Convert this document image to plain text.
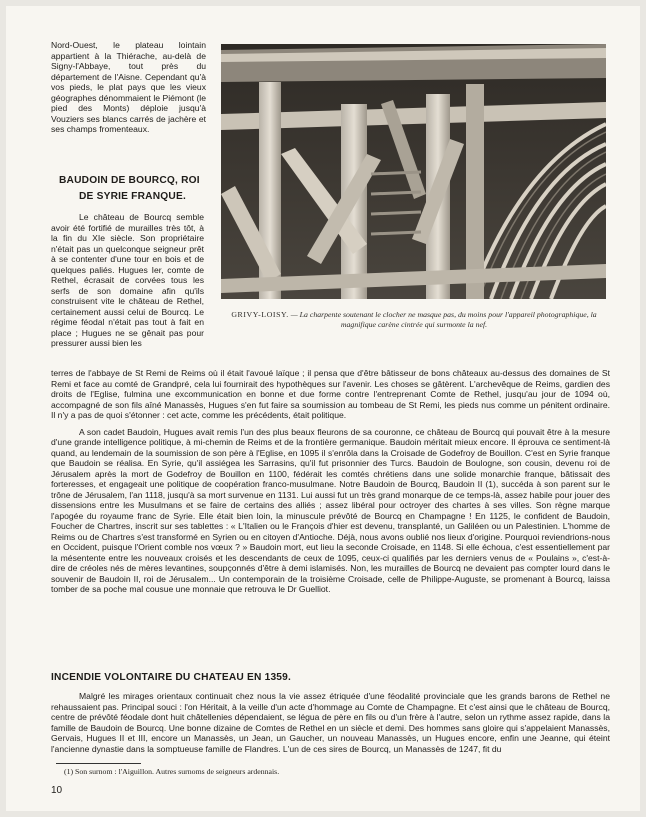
Nord-Ouest, le plateau lointain appartient à la Thiérache, au-delà de Signy-l'Abbaye, tout près du département de l'Aisne. Cependant qu'à vos pieds, le plat pays que les vieux géographes dénommaient le Piémont (le pied des Monts) déploie jusqu'à Vouziers ses blancs carrés de jachère et ses champs fromenteaux.

BAUDOIN DE BOURCQ, ROI
DE SYRIE FRANQUE.

Le château de Bourcq semble avoir été fortifié de murailles très tôt, à la fin du XIe siècle. Son propriétaire n'était pas un quelconque seigneur prêt à se contenter d'une tour en bois et de quelques paliés. Hugues Ier, comte de Rethel, écrasait de corvées tous les serfs de son domaine afin qu'ils construisent vite le château de Rethel, certainement aussi celui de Bourcq. Le régime féodal n'était pas tout à fait en place ; Hugues ne se gênait pas pour pressurer aussi bien les

GRIVY-LOISY. — La charpente soutenant le clocher ne masque pas, du moins pour l'appareil photographique, la magnifique carène cintrée qui surmonte la nef.

terres de l'abbaye de St Remi de Reims où il était l'avoué laïque ; il pensa que d'être bâtisseur de bons châteaux au-dessus des domaines de St Remi et face au comté de Grandpré, cela lui fournirait des hypothèques sur l'avenir. Les choses se gâtèrent. L'archevêque de Reims, gardien des droits de l'Eglise, fulmina une excommunication en bonne et due forme contre l'entreprenant Comte de Rethel, jusqu'au jour de 1094 où, accompagné de son fils aîné Manassès, Hugues s'en fut faire sa soumission au tombeau de St Remi, les pieds nus comme un pénitent ordinaire. Il n'y a pas de quoi s'étonner : cet acte, comme les précédents, était politique.

A son cadet Baudoin, Hugues avait remis l'un des plus beaux fleurons de sa couronne, ce château de Bourcq qui pouvait être à la mesure d'une grande intelligence politique, à mi-chemin de Reims et de la frontière germanique. Baudoin méritait mieux encore. Il éprouva ce sentiment-là quand, au lendemain de la soumission de son père à l'Eglise, en 1095 il s'enrôla dans la Croisade de Godefroy de Bouillon. C'est en Syrie franque que Baudoin se réalisa. En Syrie, qu'il assiégea les Sarrasins, qu'il fut prisonnier des Turcs. Baudoin de Boulogne, son cousin, devenu roi de Jérusalem après la mort de Godefroy de Bouillon en 1100, fédérait les comtés chrétiens dans une solide monarchie franque, bâtissait des forteresses, et engageait une politique de coopération franco-musulmane. Notre Baudoin de Bourcq, Baudoin II (1), succéda à son parent sur le trône de Jérusalem, l'an 1118, jusqu'à sa mort survenue en 1131. Lui aussi fut un très grand monarque de ce temps-là, assez habile pour jouer des dissensions entre les Musulmans et se faire de certains des alliés ; assez libéral pour octroyer des chartes à ses villes. Son règne marque l'apogée du royaume franc de Syrie. Elle était bien loin, la minuscule prévôté de Bourcq en Champagne ! En 1125, le confident de Baudoin, Foucher de Chartres, inscrit sur ses tablettes : « L'Italien ou le François d'hier est devenu, transplanté, un Galiléen ou un Palestinien. L'homme de Reims ou de Chartres s'est transformé en Syrien ou en citoyen d'Antioche. Déjà, nous avons oublié nos lieux d'origine. Pourquoi reviendrions-nous en Occident, puisque l'Orient comble nos vœux ? » Baudoin mort, eut lieu la seconde Croisade, en 1148. Si elle échoua, c'est essentiellement par la mésentente entre les nouveaux croisés et les descendants de ceux de 1095, ceux-ci qualifiés par les derniers venus de « Poulains », c'est-à-dire de créoles nés de mères levantines, soupçonnés d'être à demi islamisés. Non, les murailles de Bourcq ne devaient pas compter lourd dans le souvenir de Baudoin II, roi de Jérusalem... Un contemporain de la troisième Croisade, celle de Philippe-Auguste, se promenant à Bourcq, laissa tomber de sa poche mal cousue une monnaie que retrouva le Dr Guelliot.

INCENDIE VOLONTAIRE DU CHATEAU EN 1359.

Malgré les mirages orientaux continuait chez nous la vie assez étriquée d'une féodalité provinciale que les grands barons de Rethel ne rehaussaient pas. Principal souci : l'on Héritait, à la veille d'un acte d'hommage au Comte de Champagne. Et c'est ainsi que le château de Bourcq, centre de prévôté féodale dont huit châtellenies dépendaient, se légua de père en fils ou d'un frère à l'autre, selon un rythme assez rapide, dans la famille de Baudoin de Bourcq. Une bonne dizaine de Comtes de Rethel en un siècle et demi. Des hommes sans gloire qui s'appelaient Manassès, Gervais, Hugues II et III, encore un Manassès, un Jean, un Gaucher, un nouveau Manassès, un Hugues encore, enfin une Jeanne, qui éteint l'ancienne dynastie dans la somptueuse famille de Flandres. L'un de ces sires de Bourcq, un Manassès de 1247, fit du

(1) Son surnom : l'Aiguillon. Autres surnoms de seigneurs ardennais.
10
